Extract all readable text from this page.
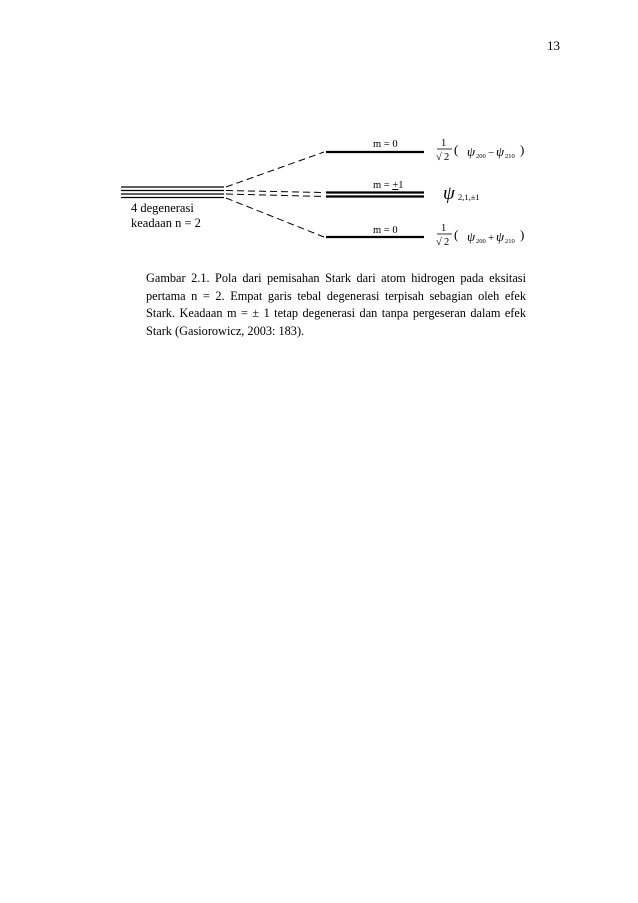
13
4 degenerasi
keadaan n = 2
m = 0
m = +1
m = 0
1
√ 2
( ψ 200 − ψ 210 )
ψ 2,1,±1
1
√ 2
( ψ 200 + ψ 210 )
Gambar 2.1. Pola dari pemisahan Stark dari atom hidrogen pada eksitasi pertama n = 2. Empat garis tebal degenerasi terpisah sebagian oleh efek Stark. Keadaan m = ± 1 tetap degenerasi dan tanpa pergeseran dalam efek Stark (Gasiorowicz, 2003: 183).
